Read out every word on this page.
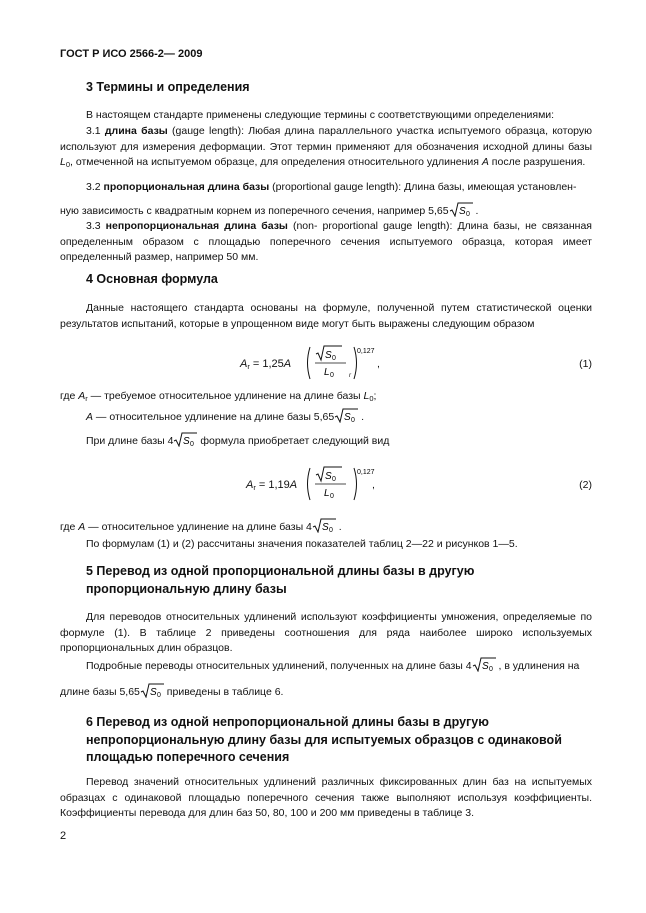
ГОСТ Р ИСО 2566-2— 2009
3 Термины и определения
В настоящем стандарте применены следующие термины с соответствующими определениями:
3.1 длина базы (gauge length): Любая длина параллельного участка испытуемого образца, которую используют для измерения деформации. Этот термин применяют для обозначения исходной длины базы $L_0$, отмеченной на испытуемом образце, для определения относительного удлинения A после разрушения.
3.2 пропорциональная длина базы (proportional gauge length): Длина базы, имеющая установлен-
ную зависимость с квадратным корнем из поперечного сечения, например 5,65 S 0 .
3.3 непропорциональная длина базы (non- proportional gauge length): Длина базы, не связанная определенным образом с площадью поперечного сечения испытуемого образца, которая имеет определенный размер, например 50 мм.
4 Основная формула
Данные настоящего стандарта основаны на формуле, полученной путем статистической оценки результатов испытаний, которые в упрощенном виде могут быть выражены следующим образом
$A_r = 1,25A$
S 0
L 0	r
0,127
,	(1)
где $A_r$ — требуемое относительное удлинение на длине базы $L_0$;
A — относительное удлинение на длине базы 5,65 S 0 .
При длине базы 4 S 0 формула приобретает следующий вид
$A_r = 1,19A$
S 0
L 0
0,127
,	(2)
где A — относительное удлинение на длине базы 4 S 0 .
По формулам (1) и (2) рассчитаны значения показателей таблиц 2—22 и рисунков 1—5.
5 Перевод из одной пропорциональной длины базы в другую
пропорциональную длину базы
Для переводов относительных удлинений используют коэффициенты умножения, определяемые по формуле (1). В таблице 2 приведены соотношения для ряда наиболее широко используемых пропорциональных длин образцов.
Подробные переводы относительных удлинений, полученных на длине базы 4 S 0 , в удлинения на
длине базы 5,65 S 0 приведены в таблице 6.
6 Перевод из одной непропорциональной длины базы в другую
непропорциональную длину базы для испытуемых образцов с одинаковой
площадью поперечного сечения
Перевод значений относительных удлинений различных фиксированных длин баз на испытуемых образцах с одинаковой площадью поперечного сечения также выполняют используя коэффициенты. Коэффициенты перевода для длин баз 50, 80, 100 и 200 мм приведены в таблице 3.
2
